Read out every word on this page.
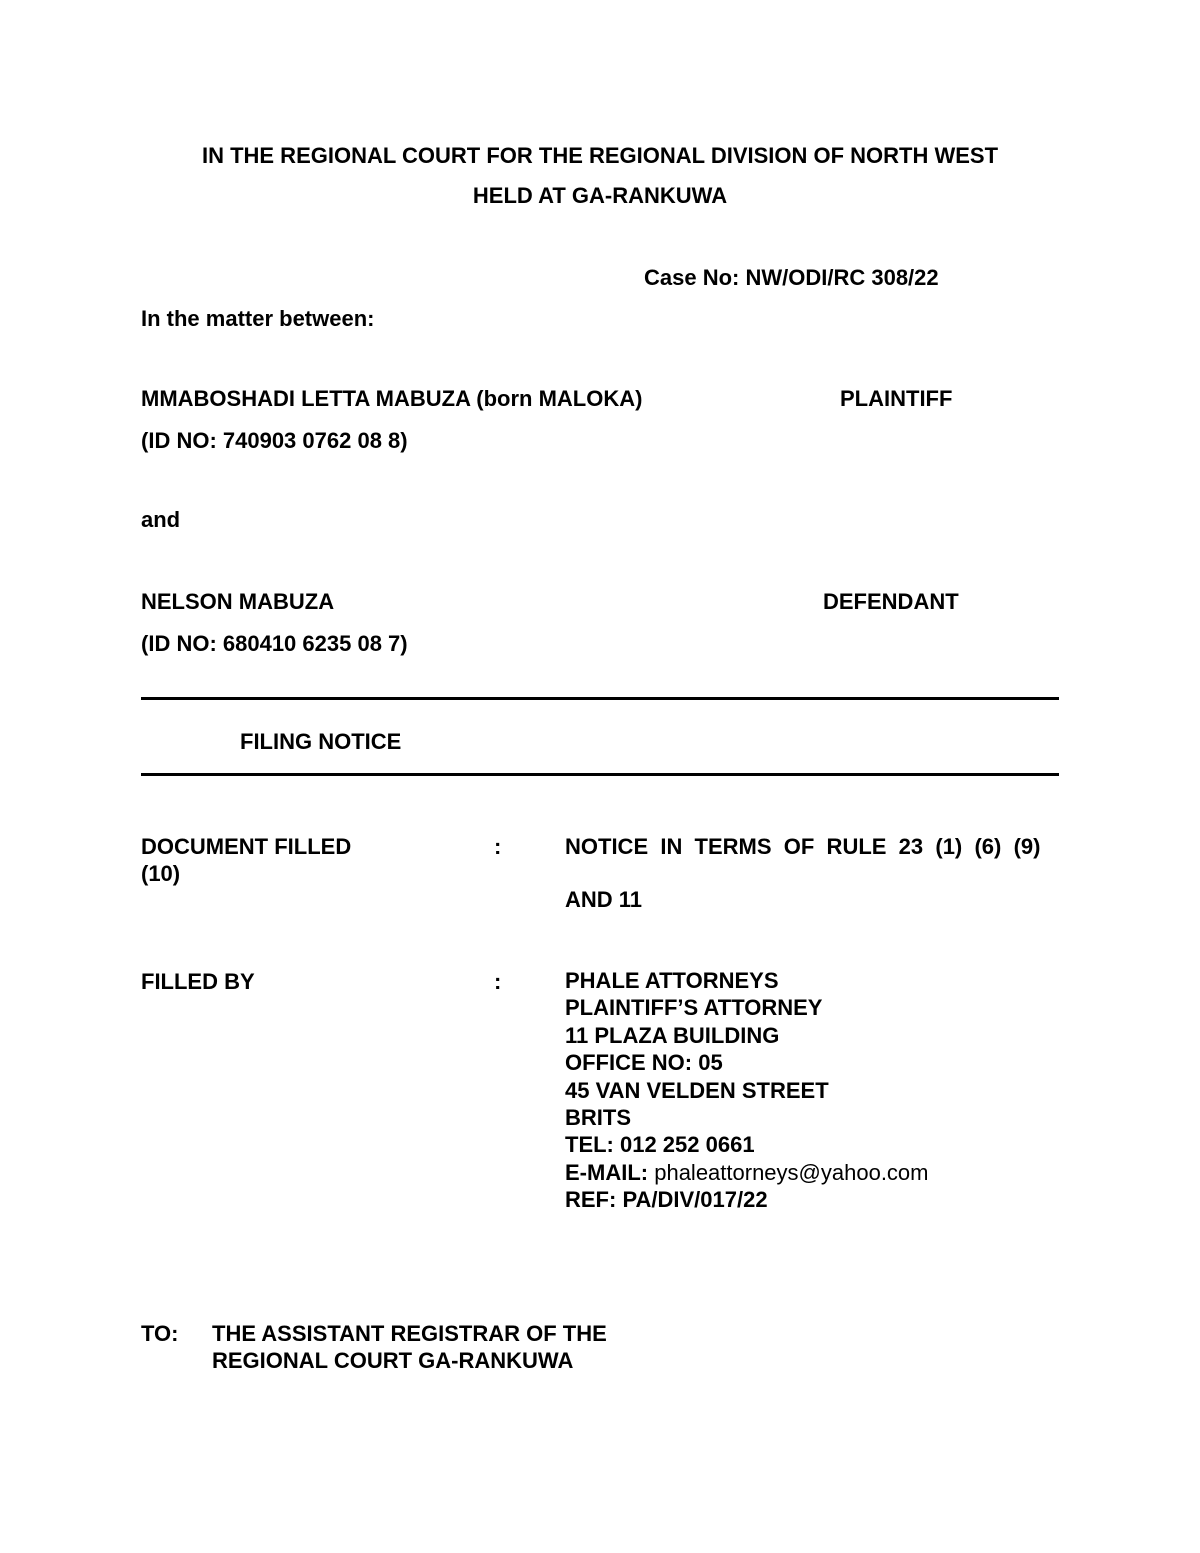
IN THE REGIONAL COURT FOR THE REGIONAL DIVISION OF NORTH WEST
HELD AT GA-RANKUWA
Case No: NW/ODI/RC 308/22
In the matter between:
MMABOSHADI LETTA MABUZA (born MALOKA)	PLAINTIFF
(ID NO: 740903 0762 08 8)
and
NELSON MABUZA	DEFENDANT
(ID NO: 680410 6235 08 7)
FILING NOTICE
DOCUMENT FILLED	:	NOTICE  IN  TERMS  OF  RULE  23  (1)  (6)  (9)
(10)
AND 11
FILLED BY	:	PHALE ATTORNEYS
PLAINTIFF’S ATTORNEY
11 PLAZA BUILDING
OFFICE NO: 05
45 VAN VELDEN STREET
BRITS
TEL: 012 252 0661
E-MAIL: phaleattorneys@yahoo.com
REF: PA/DIV/017/22
TO: THE ASSISTANT REGISTRAR OF THE
REGIONAL COURT GA-RANKUWA
